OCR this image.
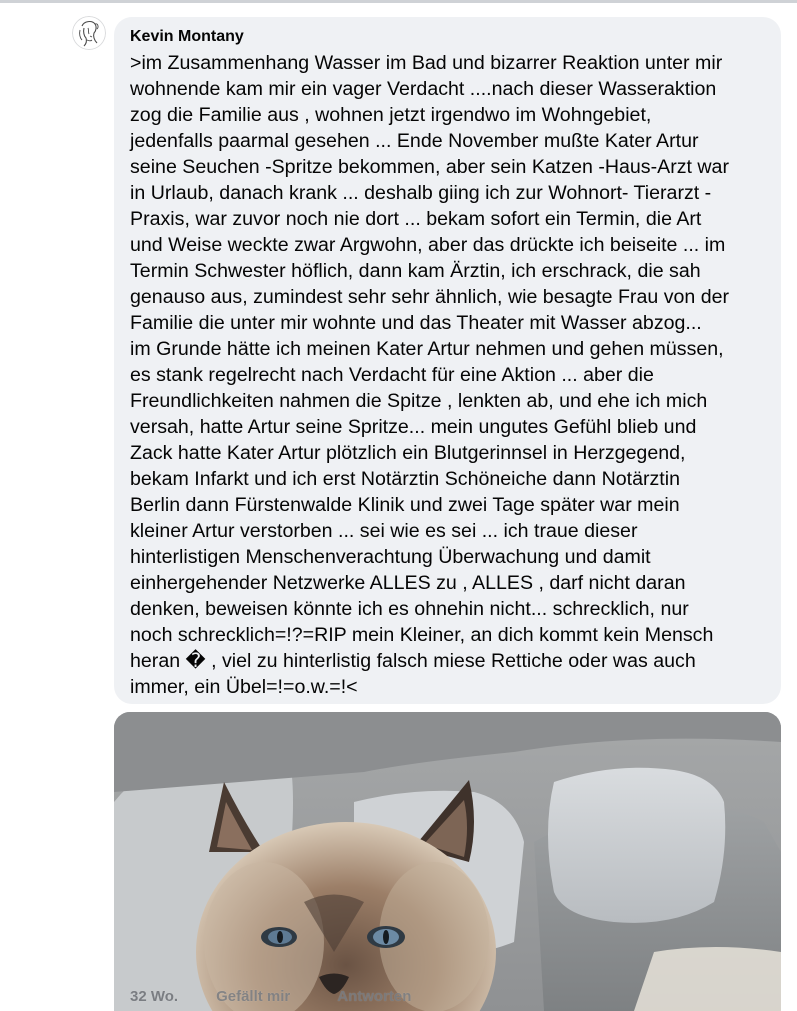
Kevin Montany

>im Zusammenhang Wasser im Bad und bizarrer Reaktion unter mir
wohnende kam mir ein vager Verdacht ....nach dieser Wasseraktion
zog die Familie aus , wohnen jetzt irgendwo im Wohngebiet,
jedenfalls paarmal gesehen ... Ende November mußte Kater Artur
seine Seuchen -Spritze bekommen, aber sein Katzen -Haus-Arzt war
in Urlaub, danach krank ... deshalb giing ich zur Wohnort- Tierarzt -
Praxis, war zuvor noch nie dort ... bekam sofort ein Termin, die Art
und Weise weckte zwar Argwohn, aber das drückte ich beiseite ... im
Termin Schwester höflich, dann kam Ärztin, ich erschrack, die sah
genauso aus, zumindest sehr sehr ähnlich, wie besagte Frau von der
Familie die unter mir wohnte und das Theater mit Wasser abzog...
im Grunde hätte ich meinen Kater Artur nehmen und gehen müssen,
es stank regelrecht nach Verdacht für eine Aktion ... aber die
Freundlichkeiten nahmen die Spitze , lenkten ab, und ehe ich mich
versah, hatte Artur seine Spritze... mein ungutes Gefühl blieb und
Zack hatte Kater Artur plötzlich ein Blutgerinnsel in Herzgegend,
bekam Infarkt und ich erst Notärztin Schöneiche dann Notärztin
Berlin dann Fürstenwalde Klinik und zwei Tage später war mein
kleiner Artur verstorben ... sei wie es sei ... ich traue dieser
hinterlistigen Menschenverachtung Überwachung und damit
einhergehender Netzwerke ALLES zu , ALLES , darf nicht daran
denken, beweisen könnte ich es ohnehin nicht... schrecklich, nur
noch schrecklich=!?=RIP mein Kleiner, an dich kommt kein Mensch
heran � , viel zu hinterlistig falsch miese Rettiche oder was auch
immer, ein Übel=!=o.w.=!<

32 Wo.	Gefällt mir	Antworten
